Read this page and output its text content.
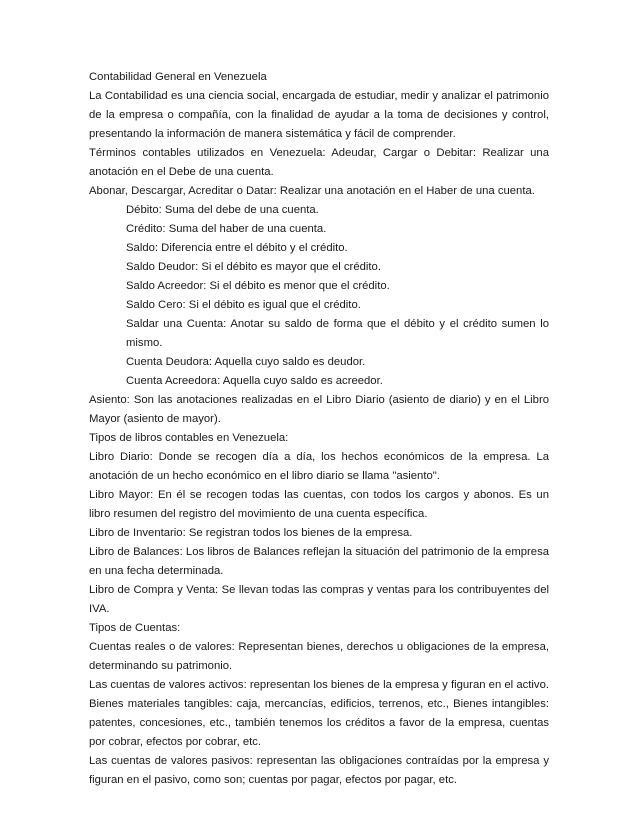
Contabilidad General en Venezuela

La Contabilidad es una ciencia social, encargada de estudiar, medir y analizar el patrimonio de la empresa o compañía, con la finalidad de ayudar a la toma de decisiones y control, presentando la información de manera sistemática y fácil de comprender.

Términos contables utilizados en Venezuela: Adeudar, Cargar o Debitar: Realizar una anotación en el Debe de una cuenta.

Abonar, Descargar, Acreditar o Datar: Realizar una anotación en el Haber de una cuenta.

Débito: Suma del debe de una cuenta.

Crédito: Suma del haber de una cuenta.

Saldo: Diferencia entre el débito y el crédito.

Saldo Deudor: Si el débito es mayor que el crédito.

Saldo Acreedor: Si el débito es menor que el crédito.

Saldo Cero: Si el débito es igual que el crédito.

Saldar una Cuenta: Anotar su saldo de forma que el débito y el crédito sumen lo mismo.

Cuenta Deudora: Aquella cuyo saldo es deudor.

Cuenta Acreedora: Aquella cuyo saldo es acreedor.

Asiento: Son las anotaciones realizadas en el Libro Diario (asiento de diario) y en el Libro Mayor (asiento de mayor).

Tipos de libros contables en Venezuela:

Libro Diario: Donde se recogen día a día, los hechos económicos de la empresa. La anotación de un hecho económico en el libro diario se llama "asiento".

Libro Mayor: En él se recogen todas las cuentas, con todos los cargos y abonos. Es un libro resumen del registro del movimiento de una cuenta específica.

Libro de Inventario: Se registran todos los bienes de la empresa.

Libro de Balances: Los libros de Balances reflejan la situación del patrimonio de la empresa en una fecha determinada.

Libro de Compra y Venta: Se llevan todas las compras y ventas para los contribuyentes del IVA.

Tipos de Cuentas:

Cuentas reales o de valores: Representan bienes, derechos u obligaciones de la empresa, determinando su patrimonio.

Las cuentas de valores activos: representan los bienes de la empresa y figuran en el activo. Bienes materiales tangibles: caja, mercancías, edificios, terrenos, etc., Bienes intangibles: patentes, concesiones, etc., también tenemos los créditos a favor de la empresa, cuentas por cobrar, efectos por cobrar, etc.

Las cuentas de valores pasivos: representan las obligaciones contraídas por la empresa y figuran en el pasivo, como son; cuentas por pagar, efectos por pagar, etc.
